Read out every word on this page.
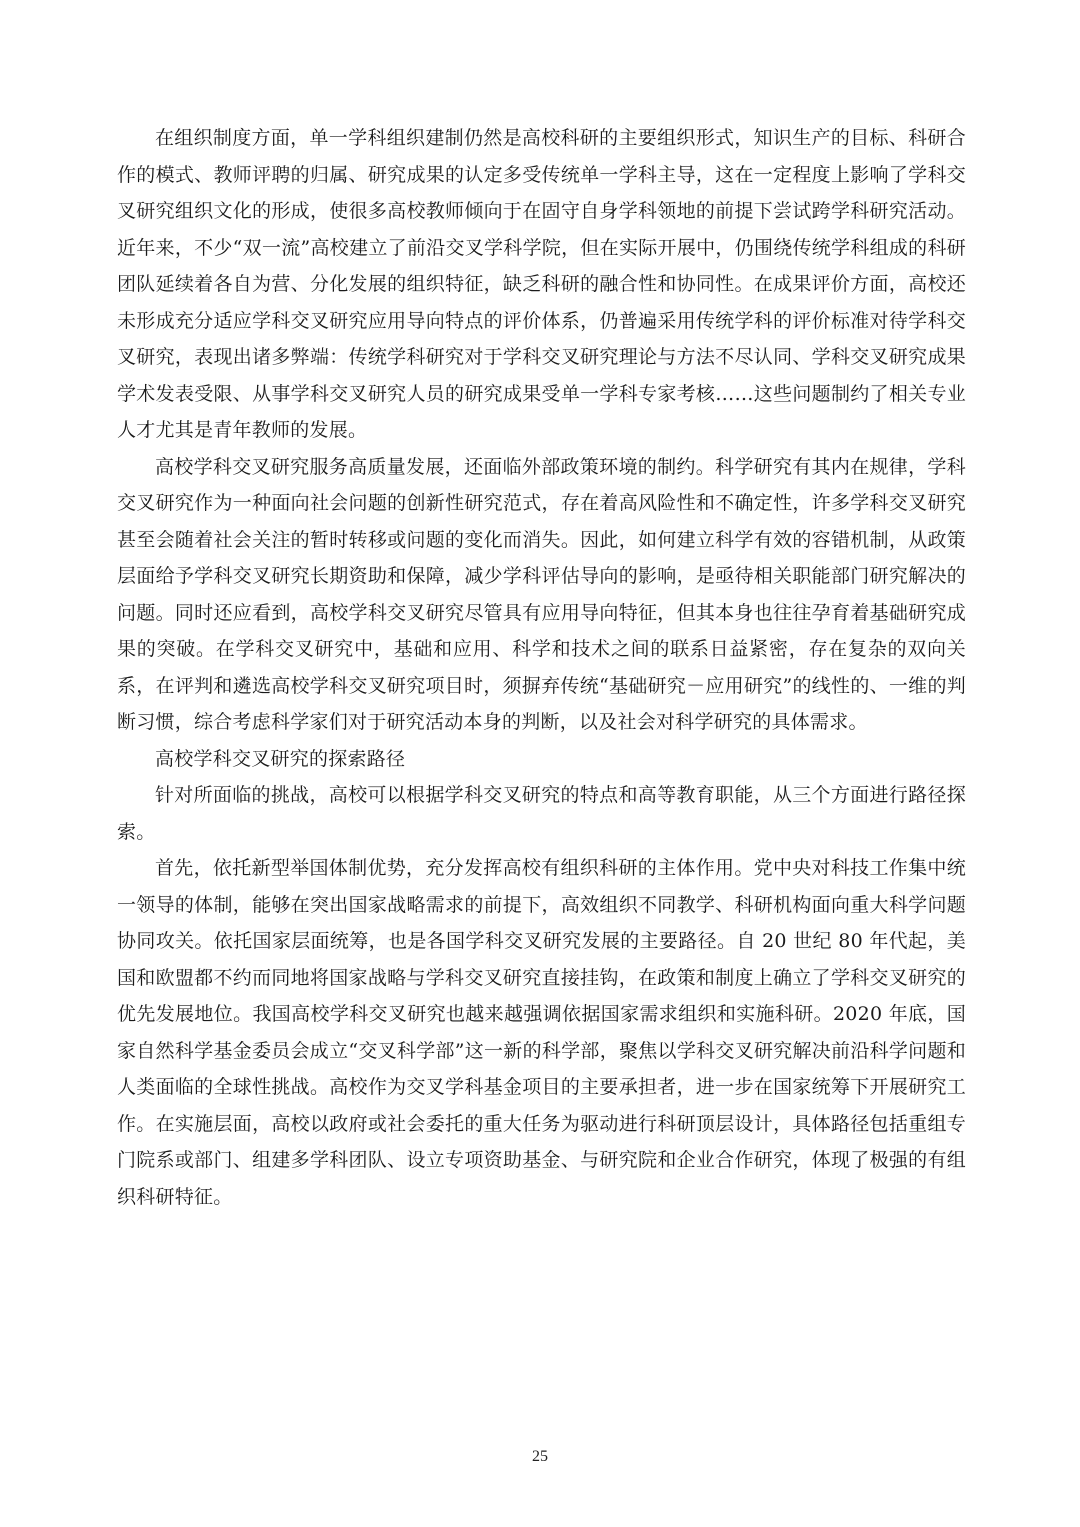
在组织制度方面，单一学科组织建制仍然是高校科研的主要组织形式，知识生产的目标、科研合作的模式、教师评聘的归属、研究成果的认定多受传统单一学科主导，这在一定程度上影响了学科交叉研究组织文化的形成，使很多高校教师倾向于在固守自身学科领地的前提下尝试跨学科研究活动。近年来，不少“双一流”高校建立了前沿交叉学科学院，但在实际开展中，仍围绕传统学科组成的科研团队延续着各自为营、分化发展的组织特征，缺乏科研的融合性和协同性。在成果评价方面，高校还未形成充分适应学科交叉研究应用导向特点的评价体系，仍普遍采用传统学科的评价标准对待学科交叉研究，表现出诸多弊端：传统学科研究对于学科交叉研究理论与方法不尽认同、学科交叉研究成果学术发表受限、从事学科交叉研究人员的研究成果受单一学科专家考核……这些问题制约了相关专业人才尤其是青年教师的发展。

高校学科交叉研究服务高质量发展，还面临外部政策环境的制约。科学研究有其内在规律，学科交叉研究作为一种面向社会问题的创新性研究范式，存在着高风险性和不确定性，许多学科交叉研究甚至会随着社会关注的暂时转移或问题的变化而消失。因此，如何建立科学有效的容错机制，从政策层面给予学科交叉研究长期资助和保障，减少学科评估导向的影响，是亟待相关职能部门研究解决的问题。同时还应看到，高校学科交叉研究尽管具有应用导向特征，但其本身也往往孕育着基础研究成果的突破。在学科交叉研究中，基础和应用、科学和技术之间的联系日益紧密，存在复杂的双向关系，在评判和遴选高校学科交叉研究项目时，须摒弃传统“基础研究－应用研究”的线性的、一维的判断习惯，综合考虑科学家们对于研究活动本身的判断，以及社会对科学研究的具体需求。

高校学科交叉研究的探索路径

针对所面临的挑战，高校可以根据学科交叉研究的特点和高等教育职能，从三个方面进行路径探索。

首先，依托新型举国体制优势，充分发挥高校有组织科研的主体作用。党中央对科技工作集中统一领导的体制，能够在突出国家战略需求的前提下，高效组织不同教学、科研机构面向重大科学问题协同攻关。依托国家层面统筹，也是各国学科交叉研究发展的主要路径。自 20 世纪 80 年代起，美国和欧盟都不约而同地将国家战略与学科交叉研究直接挂钩，在政策和制度上确立了学科交叉研究的优先发展地位。我国高校学科交叉研究也越来越强调依据国家需求组织和实施科研。2020 年底，国家自然科学基金委员会成立“交叉科学部”这一新的科学部，聚焦以学科交叉研究解决前沿科学问题和人类面临的全球性挑战。高校作为交叉学科基金项目的主要承担者，进一步在国家统筹下开展研究工作。在实施层面，高校以政府或社会委托的重大任务为驱动进行科研顶层设计，具体路径包括重组专门院系或部门、组建多学科团队、设立专项资助基金、与研究院和企业合作研究，体现了极强的有组织科研特征。

25
